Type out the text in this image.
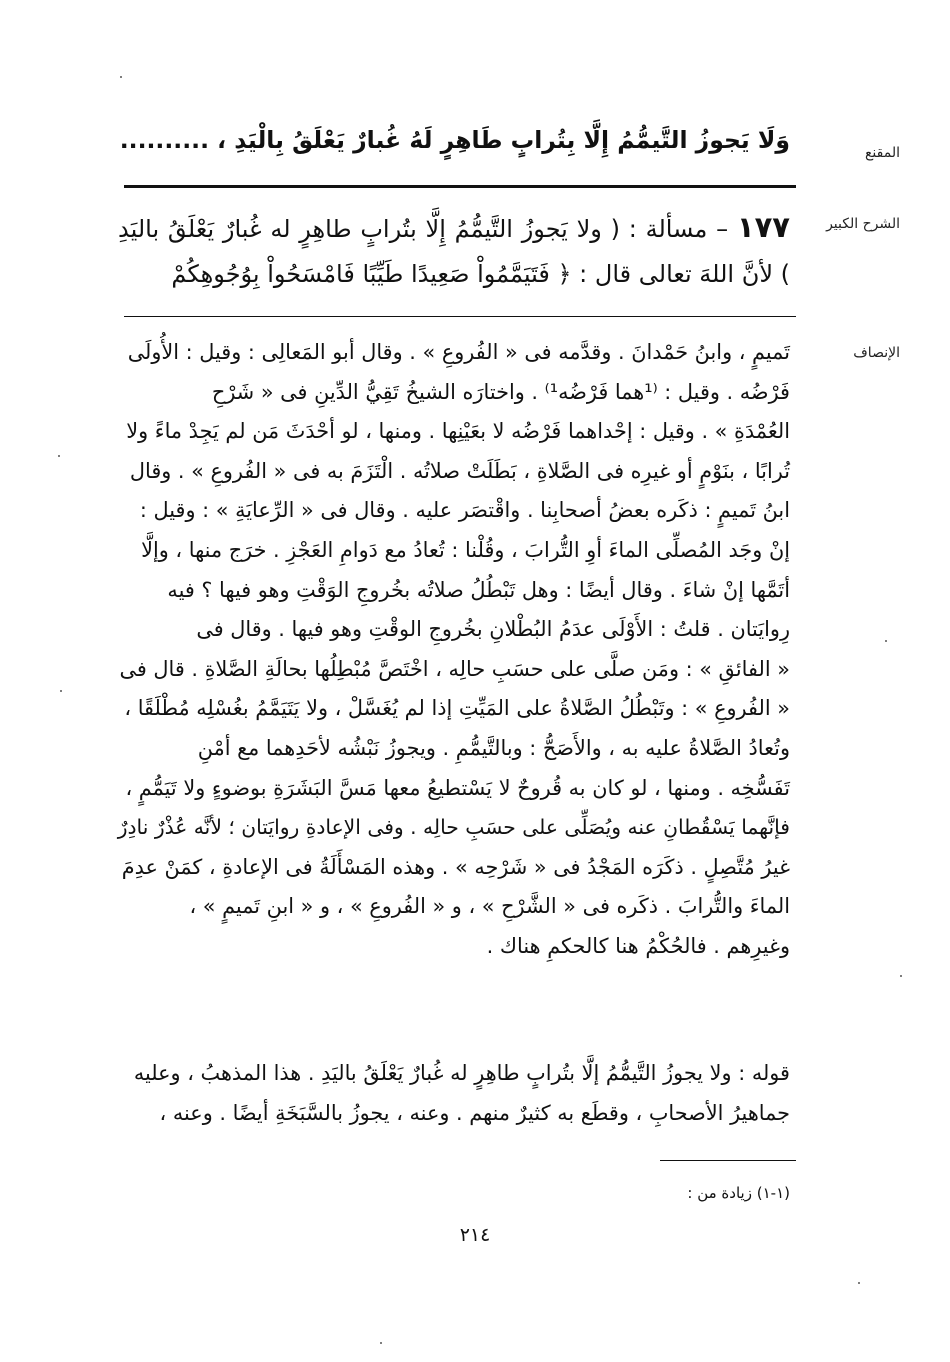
المقنع
وَلَا يَجوزُ التَّيمُّمُ إِلَّا بِتُرابٍ طَاهِرٍ لَهُ غُبارٌ يَعْلَقُ بِالْيَدِ ، ..........
الشرح الكبير
١٧٧ – مسألة : ( ولا يَجوزُ التَّيمُّمُ إِلَّا بتُرابٍ طاهِرٍ له غُبارٌ يَعْلَقُ باليَدِ ) لأنَّ اللهَ تعالى قال : ﴿ فَتَيَمَّمُواْ صَعِيدًا طَيِّبًا فَامْسَحُواْ بِوُجُوهِكُمْ
الإنصاف
تَميمٍ ، وابنُ حَمْدانَ . وقدَّمه فى « الفُروعِ » . وقال أبو المَعالِى : وقيل : الأُولَى
فَرْضُه . وقيل : ⁽¹هما فَرْضُه¹⁾ . واختارَه الشيخُ تَقِيُّ الدِّينِ فى « شَرْحِ
العُمْدَةِ » . وقيل : إحْداهما فَرْضُه لا بعَيْنِها . ومنها ، لو أحْدَثَ مَن لم يَجِدْ ماءً ولا
تُرابًا ، بنَوْمٍ أو غيرِه فى الصَّلاةِ ، بَطَلَتْ صلاتُه . الْتَزَمَ به فى « الفُروعِ » . وقال
ابنُ تَميمٍ : ذكَره بعضُ أصحابِنا . واقْتصَر عليه . وقال فى « الرِّعايَةِ » : وقيل :
إنْ وجَد المُصلِّى الماءَ أوِ التُّرابَ ، وقُلْنا : تُعادُ مع دَوامِ العَجْزِ . خرَج منها ، وإلَّا
أتَمَّها إنْ شاءَ . وقال أيضًا : وهل تَبْطُلُ صلاتُه بخُروجِ الوَقْتِ وهو فيها ؟ فيه
رِوايَتان . قلتُ : الأَوْلَى عدَمُ البُطْلانِ بخُروجِ الوقْتِ وهو فيها . وقال فى
« الفائقِ » : ومَن صلَّى على حسَبِ حالِه ، اخْتَصَّ مُبْطِلُها بحالَةِ الصَّلاةِ . قال فى
« الفُروعِ » : وتَبْطُلُ الصَّلاةُ على المَيِّتِ إذا لم يُغَسَّلْ ، ولا يَتَيَمَّمُ بغُسْلِه مُطْلَقًا ،
وتُعادُ الصَّلاةُ عليه به ، والأَصَحُّ : وبالتَّيمُّمِ . ويجوزُ نَبْشُه لأحَدِهما مع أمْنِ
تَفَسُّخِه . ومنها ، لو كان به قُروحٌ لا يَسْتطيعُ معها مَسَّ البَشَرَةِ بوضوءٍ ولا تَيَمُّمٍ ،
فإنَّهما يَسْقُطانِ عنه ويُصَلِّى على حسَبِ حالِه . وفى الإعادةِ روايَتان ؛ لأنَّه عُذْرٌ نادِرٌ
غيرُ مُتَّصِلٍ . ذكَرَه المَجْدُ فى « شَرْحِه » . وهذه المَسْأَلَةُ فى الإعادةِ ، كمَنْ عدِمَ
الماءَ والتُّرابَ . ذكَره فى « الشَّرْحِ » ، و « الفُروعِ » ، و « ابنِ تَميمٍ » ،
وغيرِهم . فالحُكْمُ هنا كالحكمِ هناك .
قوله : ولا يجوزُ التَّيمُّمُ إلَّا بتُرابٍ طاهِرٍ له غُبارٌ يَعْلَقُ باليَدِ . هذا المذهبُ ، وعليه
جماهيرُ الأصحابِ ، وقطَع به كثيرٌ منهم . وعنه ، يجوزُ بالسَّبَخَةِ أيضًا . وعنه ،
(١-١) زيادة من :
٢١٤
